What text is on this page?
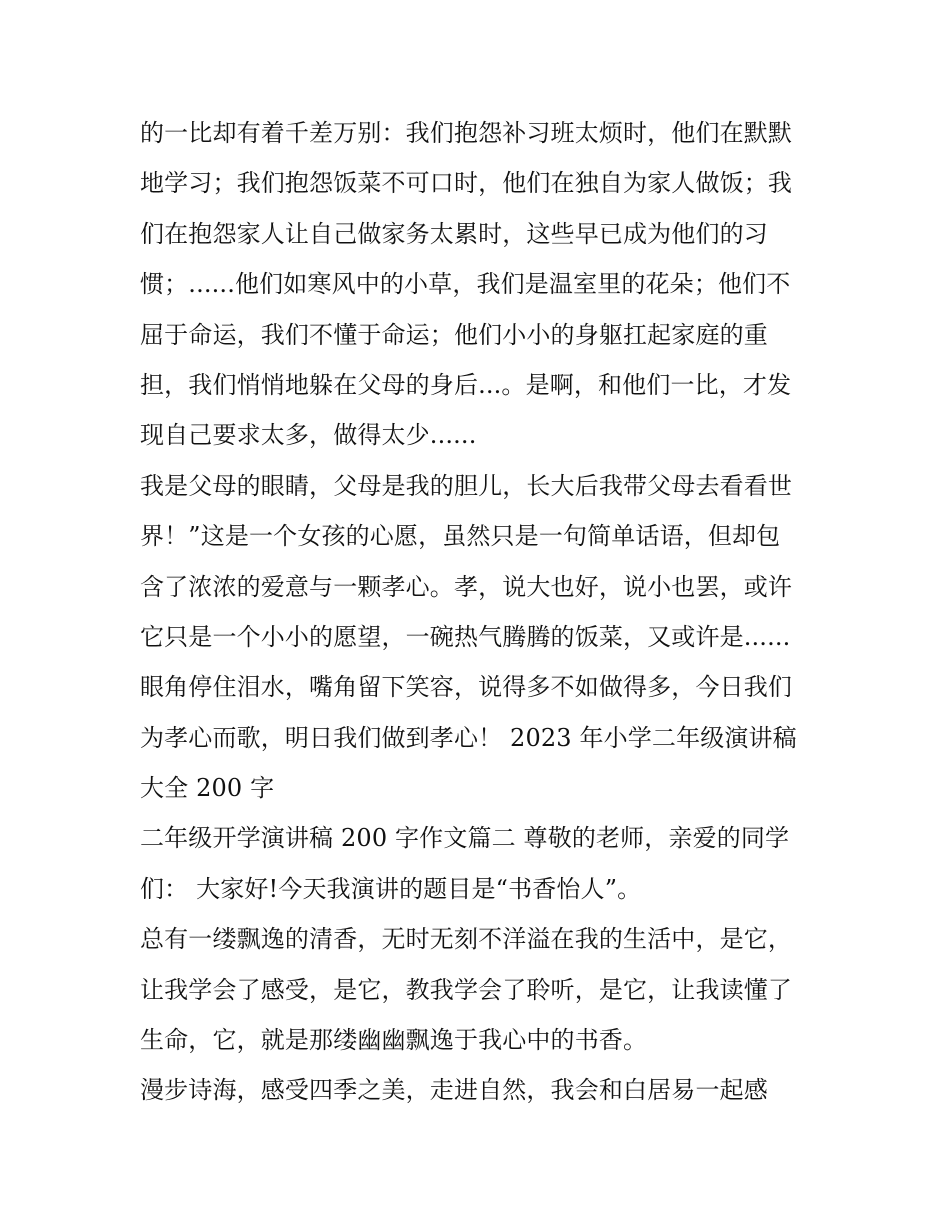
的一比却有着千差万别：我们抱怨补习班太烦时，他们在默默
地学习；我们抱怨饭菜不可口时，他们在独自为家人做饭；我
们在抱怨家人让自己做家务太累时，这些早已成为他们的习
惯；......他们如寒风中的小草，我们是温室里的花朵；他们不
屈于命运，我们不懂于命运；他们小小的身躯扛起家庭的重
担，我们悄悄地躲在父母的身后...。是啊，和他们一比，才发
现自己要求太多，做得太少......
我是父母的眼睛，父母是我的胆儿，长大后我带父母去看看世
界！”这是一个女孩的心愿，虽然只是一句简单话语，但却包
含了浓浓的爱意与一颗孝心。孝，说大也好，说小也罢，或许
它只是一个小小的愿望，一碗热气腾腾的饭菜，又或许是......
眼角停住泪水，嘴角留下笑容，说得多不如做得多，今日我们
为孝心而歌，明日我们做到孝心！ 2023 年小学二年级演讲稿
大全 200 字
二年级开学演讲稿 200 字作文篇二 尊敬的老师，亲爱的同学
们： 大家好!今天我演讲的题目是“书香怡人”。
总有一缕飘逸的清香，无时无刻不洋溢在我的生活中，是它，
让我学会了感受，是它，教我学会了聆听，是它，让我读懂了
生命，它，就是那缕幽幽飘逸于我心中的书香。
漫步诗海，感受四季之美，走进自然，我会和白居易一起感
